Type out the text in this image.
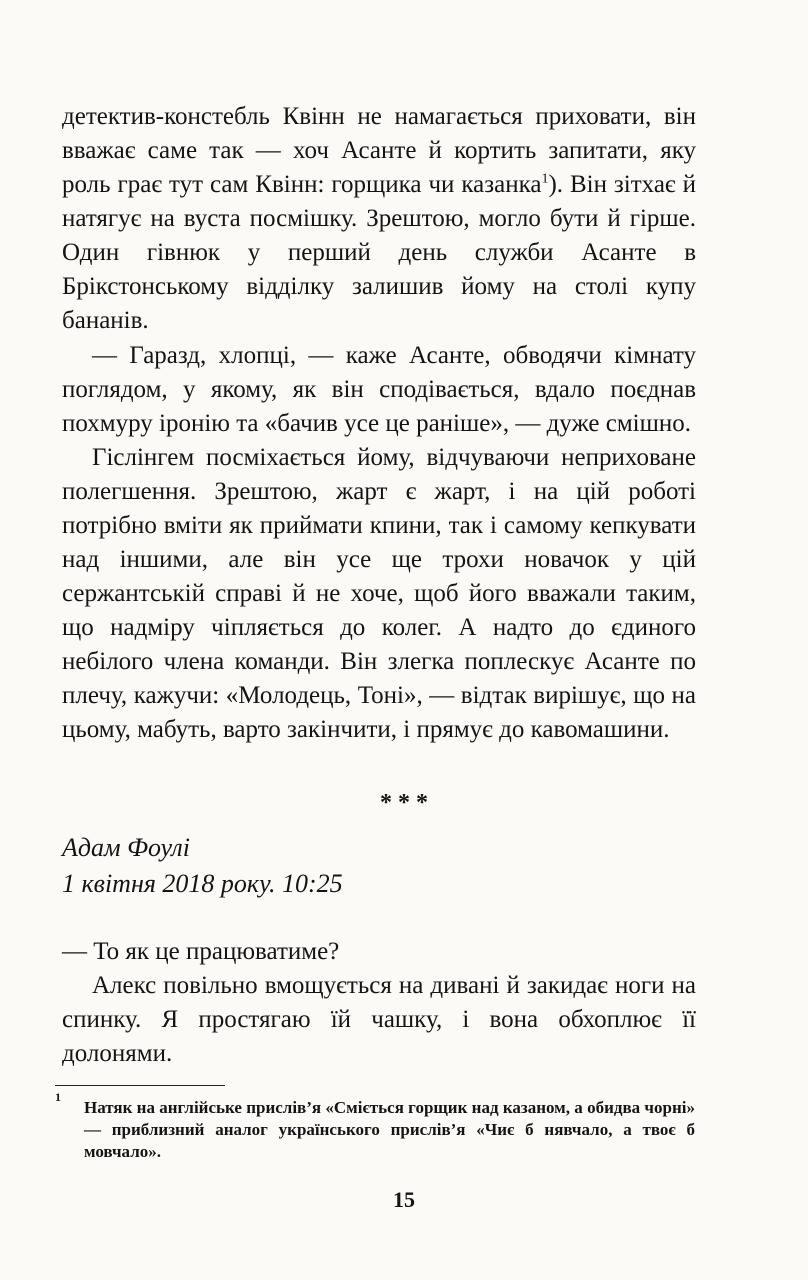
детектив-констебль Квінн не намагається приховати, він вважає саме так — хоч Асанте й кортить запитати, яку роль грає тут сам Квінн: горщика чи казанка$^1$). Він зітхає й натягує на вуста посмішку. Зрештою, могло бути й гірше. Один гівнюк у перший день служби Асанте в Брікстонському відділку залишив йому на столі купу бананів.

— Гаразд, хлопці, — каже Асанте, обводячи кімнату поглядом, у якому, як він сподівається, вдало поєднав похмуру іронію та «бачив усе це раніше», — дуже смішно.

Гіслінгем посміхається йому, відчуваючи неприховане полегшення. Зрештою, жарт є жарт, і на цій роботі потрібно вміти як приймати кпини, так і самому кепкувати над іншими, але він усе ще трохи новачок у цій сержантській справі й не хоче, щоб його вважали таким, що надміру чіпляється до колег. А надто до єдиного небілого члена команди. Він злегка поплескує Асанте по плечу, кажучи: «Молодець, Тоні», — відтак вирішує, що на цьому, мабуть, варто закінчити, і прямує до кавомашини.

* * *
Адам Фоулі
1 квітня 2018 року. 10:25

— То як це працюватиме?

Алекс повільно вмощується на дивані й закидає ноги на спинку. Я простягаю їй чашку, і вона обхоплює її долонями.

1
Натяк на англійське прислів’я «Сміється горщик над казаном, а обидва чорні» — приблизний аналог українського прислів’я «Чиє б нявчало, а твоє б мовчало».
15
